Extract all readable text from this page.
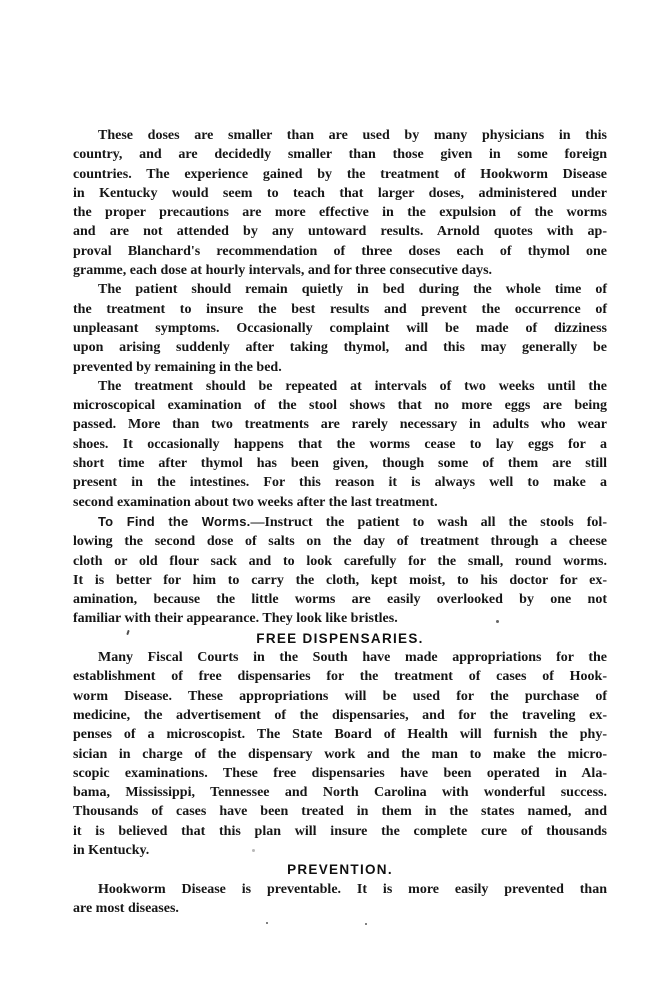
These doses are smaller than are used by many physicians in this
country, and are decidedly smaller than those given in some foreign
countries. The experience gained by the treatment of Hookworm Disease
in Kentucky would seem to teach that larger doses, administered under
the proper precautions are more effective in the expulsion of the worms
and are not attended by any untoward results. Arnold quotes with ap-
proval Blanchard's recommendation of three doses each of thymol one
gramme, each dose at hourly intervals, and for three consecutive days.
The patient should remain quietly in bed during the whole time of
the treatment to insure the best results and prevent the occurrence of
unpleasant symptoms. Occasionally complaint will be made of dizziness
upon arising suddenly after taking thymol, and this may generally be
prevented by remaining in the bed.
The treatment should be repeated at intervals of two weeks until the
microscopical examination of the stool shows that no more eggs are being
passed. More than two treatments are rarely necessary in adults who wear
shoes. It occasionally happens that the worms cease to lay eggs for a
short time after thymol has been given, though some of them are still
present in the intestines. For this reason it is always well to make a
second examination about two weeks after the last treatment.
To Find the Worms.—Instruct the patient to wash all the stools fol-
lowing the second dose of salts on the day of treatment through a cheese
cloth or old flour sack and to look carefully for the small, round worms.
It is better for him to carry the cloth, kept moist, to his doctor for ex-
amination, because the little worms are easily overlooked by one not
familiar with their appearance. They look like bristles.
FREE DISPENSARIES.
Many Fiscal Courts in the South have made appropriations for the
establishment of free dispensaries for the treatment of cases of Hook-
worm Disease. These appropriations will be used for the purchase of
medicine, the advertisement of the dispensaries, and for the traveling ex-
penses of a microscopist. The State Board of Health will furnish the phy-
sician in charge of the dispensary work and the man to make the micro-
scopic examinations. These free dispensaries have been operated in Ala-
bama, Mississippi, Tennessee and North Carolina with wonderful success.
Thousands of cases have been treated in them in the states named, and
it is believed that this plan will insure the complete cure of thousands
in Kentucky.
PREVENTION.
Hookworm Disease is preventable. It is more easily prevented than
are most diseases.
